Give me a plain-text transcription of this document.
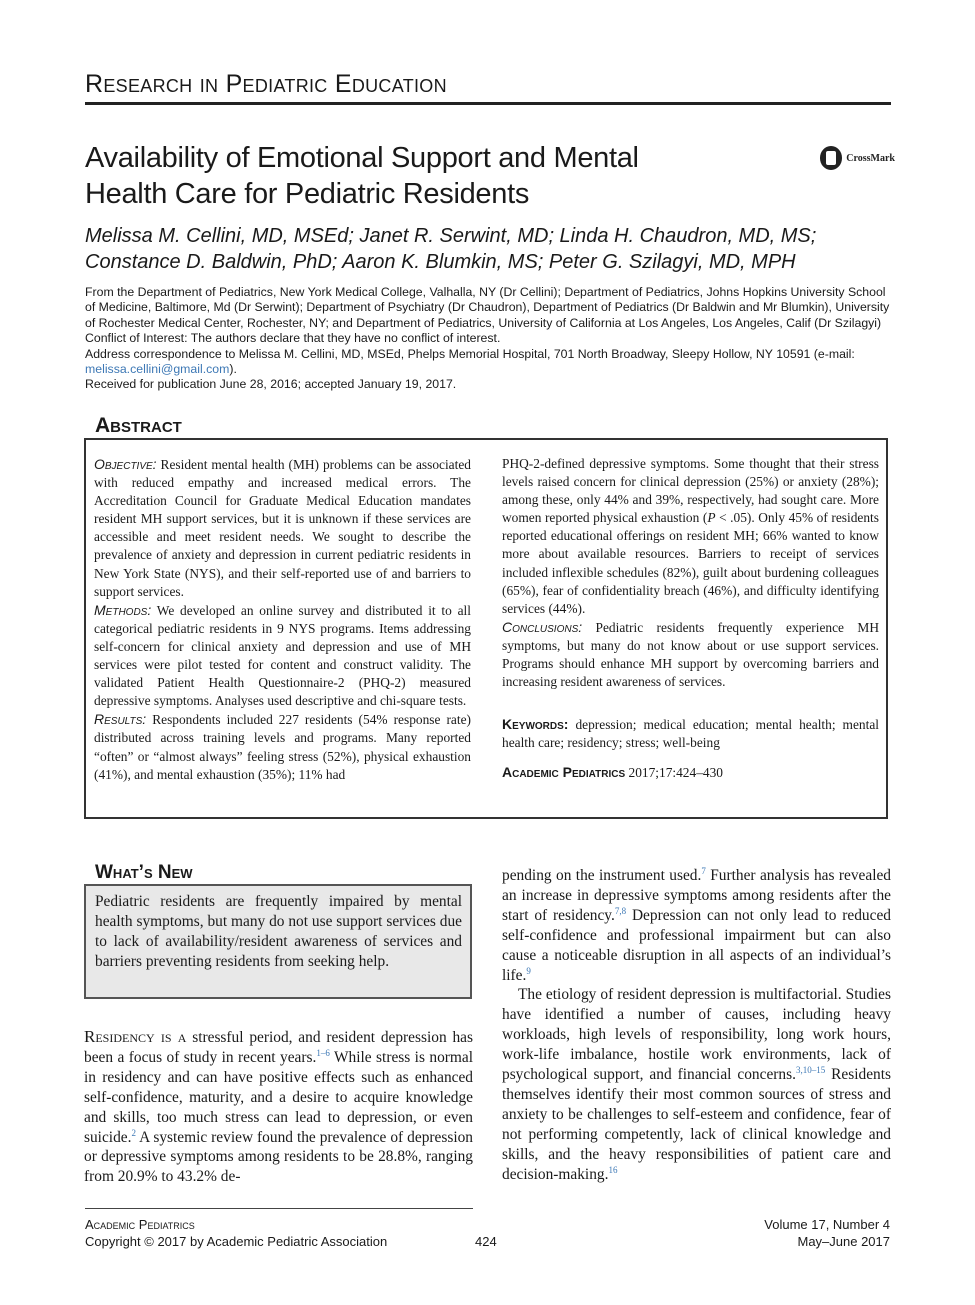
Research in Pediatric Education
Availability of Emotional Support and Mental Health Care for Pediatric Residents
CrossMark
Melissa M. Cellini, MD, MSEd; Janet R. Serwint, MD; Linda H. Chaudron, MD, MS; Constance D. Baldwin, PhD; Aaron K. Blumkin, MS; Peter G. Szilagyi, MD, MPH

From the Department of Pediatrics, New York Medical College, Valhalla, NY (Dr Cellini); Department of Pediatrics, Johns Hopkins University School of Medicine, Baltimore, Md (Dr Serwint); Department of Psychiatry (Dr Chaudron), Department of Pediatrics (Dr Baldwin and Mr Blumkin), University of Rochester Medical Center, Rochester, NY; and Department of Pediatrics, University of California at Los Angeles, Los Angeles, Calif (Dr Szilagyi)

Conflict of Interest: The authors declare that they have no conflict of interest.

Address correspondence to Melissa M. Cellini, MD, MSEd, Phelps Memorial Hospital, 701 North Broadway, Sleepy Hollow, NY 10591 (e-mail: melissa.cellini@gmail.com).

Received for publication June 28, 2016; accepted January 19, 2017.

Abstract

Objective: Resident mental health (MH) problems can be associated with reduced empathy and increased medical errors. The Accreditation Council for Graduate Medical Education mandates resident MH support services, but it is unknown if these services are accessible and meet resident needs. We sought to describe the prevalence of anxiety and depression in current pediatric residents in New York State (NYS), and their self-reported use of and barriers to support services.

Methods: We developed an online survey and distributed it to all categorical pediatric residents in 9 NYS programs. Items addressing self-concern for clinical anxiety and depression and use of MH services were pilot tested for content and construct validity. The validated Patient Health Questionnaire-2 (PHQ-2) measured depressive symptoms. Analyses used descriptive and chi-square tests.

Results: Respondents included 227 residents (54% response rate) distributed across training levels and programs. Many reported “often” or “almost always” feeling stress (52%), physical exhaustion (41%), and mental exhaustion (35%); 11% had

PHQ-2-defined depressive symptoms. Some thought that their stress levels raised concern for clinical depression (25%) or anxiety (28%); among these, only 44% and 39%, respectively, had sought care. More women reported physical exhaustion (P < .05). Only 45% of residents reported educational offerings on resident MH; 66% wanted to know more about available resources. Barriers to receipt of services included inflexible schedules (82%), guilt about burdening colleagues (65%), fear of confidentiality breach (46%), and difficulty identifying services (44%).

Conclusions: Pediatric residents frequently experience MH symptoms, but many do not know about or use support services. Programs should enhance MH support by overcoming barriers and increasing resident awareness of services.

Keywords: depression; medical education; mental health; mental health care; residency; stress; well-being

Academic Pediatrics 2017;17:424–430

What’s New
Pediatric residents are frequently impaired by mental health symptoms, but many do not use support services due to lack of availability/resident awareness of services and barriers preventing residents from seeking help.

Residency is a stressful period, and resident depression has been a focus of study in recent years.$^{1-6}$ While stress is normal in residency and can have positive effects such as enhanced self-confidence, maturity, and a desire to acquire knowledge and skills, too much stress can lead to depression, or even suicide.$^2$ A systemic review found the prevalence of depression or depressive symptoms among residents to be 28.8%, ranging from 20.9% to 43.2% de-

pending on the instrument used.$^7$ Further analysis has revealed an increase in depressive symptoms among residents after the start of residency.$^{7,8}$ Depression can not only lead to reduced self-confidence and professional impairment but can also cause a noticeable disruption in all aspects of an individual’s life.$^9$

The etiology of resident depression is multifactorial. Studies have identified a number of causes, including heavy workloads, high levels of responsibility, long work hours, work-life imbalance, hostile work environments, lack of psychological support, and financial concerns.$^{3,10-15}$ Residents themselves identify their most common sources of stress and anxiety to be challenges to self-esteem and confidence, fear of not performing competently, lack of clinical knowledge and skills, and the heavy responsibilities of patient care and decision-making.$^{16}$

Academic Pediatrics
Copyright © 2017 by Academic Pediatric Association	424
Volume 17, Number 4
May–June 2017
